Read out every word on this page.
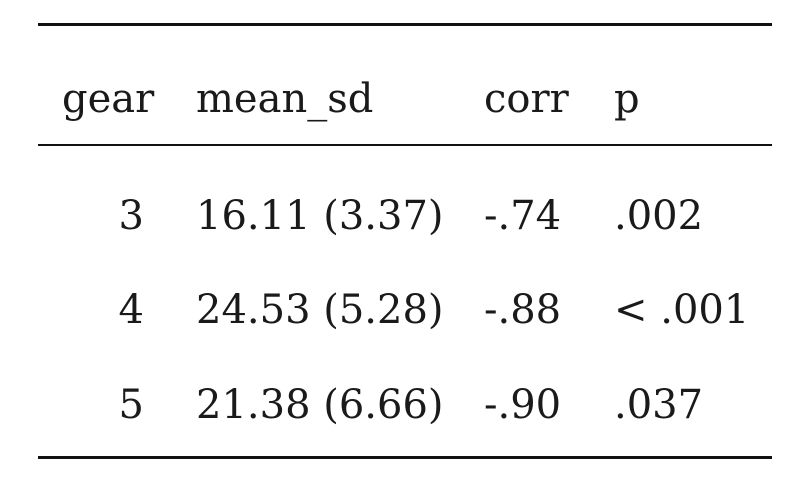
gear mean_sd	corr p
3 16.11 (3.37) -.74 .002
4 24.53 (5.28) -.88 < .001
5 21.38 (6.66) -.90 .037
